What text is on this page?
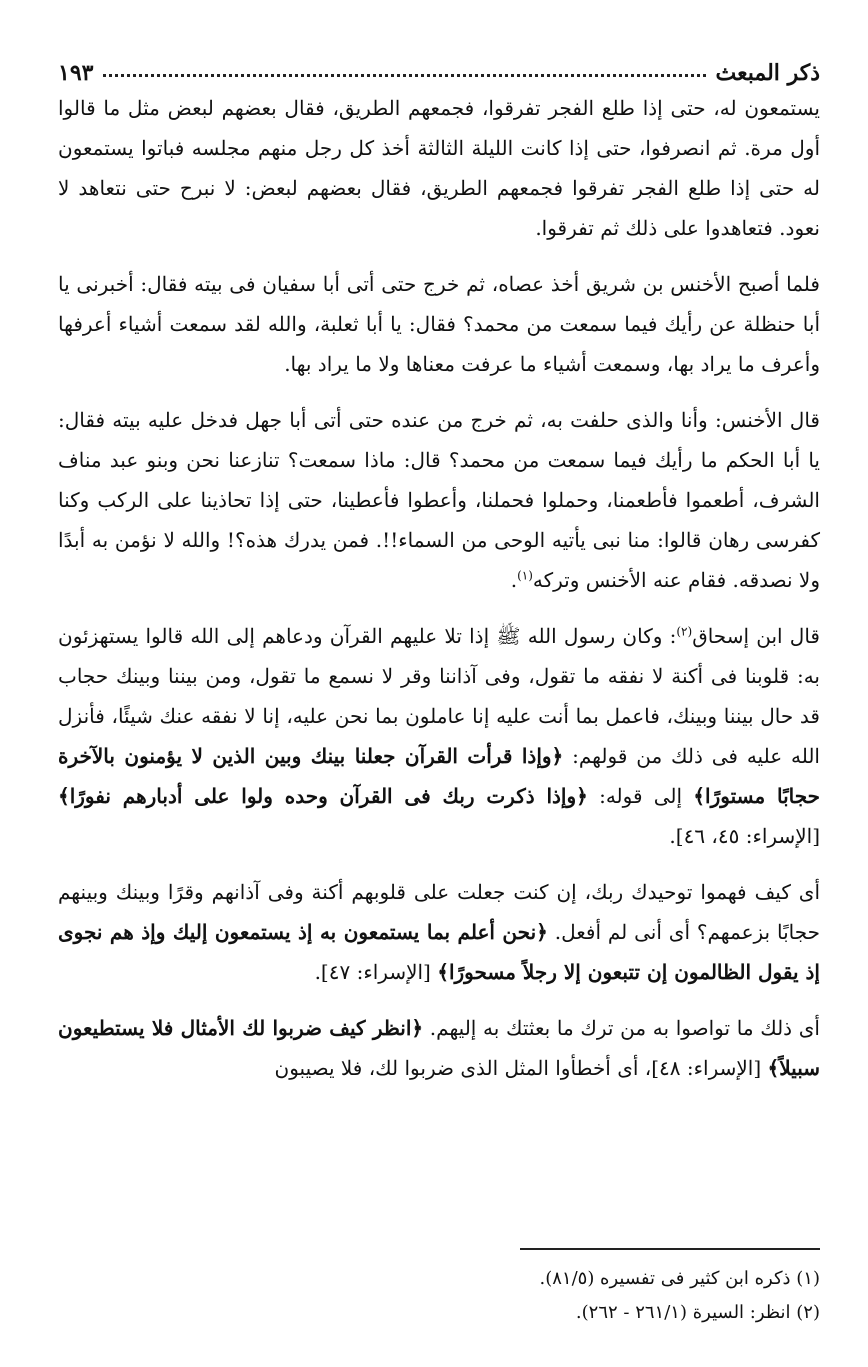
ذكر المبعث
١٩٣

يستمعون له، حتى إذا طلع الفجر تفرقوا، فجمعهم الطريق، فقال بعضهم لبعض مثل ما قالوا أول مرة. ثم انصرفوا، حتى إذا كانت الليلة الثالثة أخذ كل رجل منهم مجلسه فباتوا يستمعون له حتى إذا طلع الفجر تفرقوا فجمعهم الطريق، فقال بعضهم لبعض: لا نبرح حتى نتعاهد لا نعود. فتعاهدوا على ذلك ثم تفرقوا.

فلما أصبح الأخنس بن شريق أخذ عصاه، ثم خرج حتى أتى أبا سفيان فى بيته فقال: أخبرنى يا أبا حنظلة عن رأيك فيما سمعت من محمد؟ فقال: يا أبا ثعلبة، والله لقد سمعت أشياء أعرفها وأعرف ما يراد بها، وسمعت أشياء ما عرفت معناها ولا ما يراد بها.

قال الأخنس: وأنا والذى حلفت به، ثم خرج من عنده حتى أتى أبا جهل فدخل عليه بيته فقال: يا أبا الحكم ما رأيك فيما سمعت من محمد؟ قال: ماذا سمعت؟ تنازعنا نحن وبنو عبد مناف الشرف، أطعموا فأطعمنا، وحملوا فحملنا، وأعطوا فأعطينا، حتى إذا تحاذينا على الركب وكنا كفرسى رهان قالوا: منا نبى يأتيه الوحى من السماء!!. فمن يدرك هذه؟! والله لا نؤمن به أبدًا ولا نصدقه. فقام عنه الأخنس وتركه$^{(١)}$.

قال ابن إسحاق$^{(٢)}$: وكان رسول الله ﷺ إذا تلا عليهم القرآن ودعاهم إلى الله قالوا يستهزئون به: قلوبنا فى أكنة لا نفقه ما تقول، وفى آذاننا وقر لا نسمع ما تقول، ومن بيننا وبينك حجاب قد حال بيننا وبينك، فاعمل بما أنت عليه إنا عاملون بما نحن عليه، إنا لا نفقه عنك شيئًا، فأنزل الله عليه فى ذلك من قولهم: ﴿وإذا قرأت القرآن جعلنا بينك وبين الذين لا يؤمنون بالآخرة حجابًا مستورًا﴾ إلى قوله: ﴿وإذا ذكرت ربك فى القرآن وحده ولوا على أدبارهم نفورًا﴾ [الإسراء: ٤٥، ٤٦].

أى كيف فهموا توحيدك ربك، إن كنت جعلت على قلوبهم أكنة وفى آذانهم وقرًا وبينك وبينهم حجابًا بزعمهم؟ أى أنى لم أفعل. ﴿نحن أعلم بما يستمعون به إذ يستمعون إليك وإذ هم نجوى إذ يقول الظالمون إن تتبعون إلا رجلاً مسحورًا﴾ [الإسراء: ٤٧].

أى ذلك ما تواصوا به من ترك ما بعثتك به إليهم. ﴿انظر كيف ضربوا لك الأمثال فلا يستطيعون سبيلاً﴾ [الإسراء: ٤٨]، أى أخطأوا المثل الذى ضربوا لك، فلا يصيبون

(١) ذكره ابن كثير فى تفسيره (٨١/٥).
(٢) انظر: السيرة (٢٦١/١ - ٢٦٢).
